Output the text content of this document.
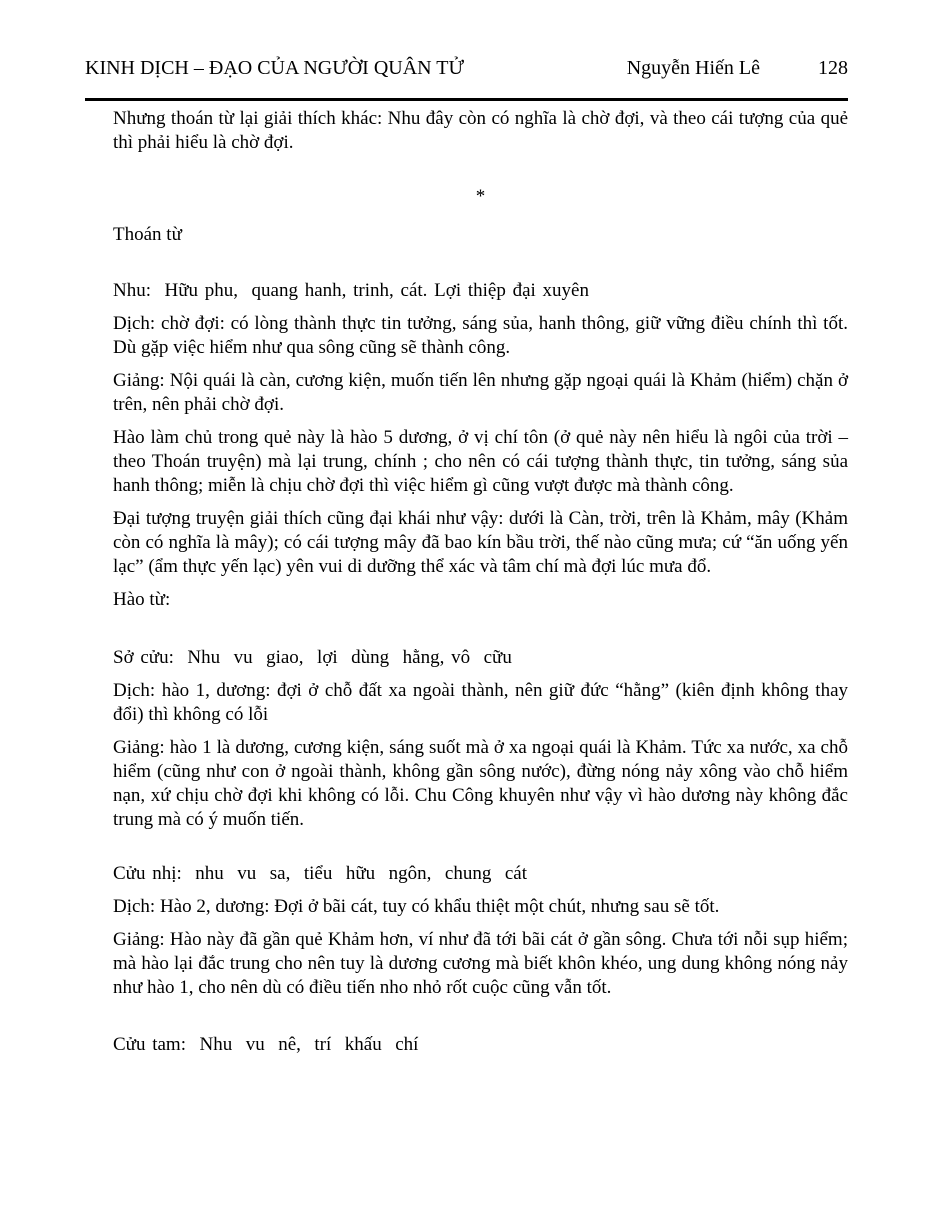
KINH DỊCH – ĐẠO CỦA NGƯỜI QUÂN TỬ	Nguyễn Hiến Lê	128

Nhưng thoán từ lại giải thích khác: Nhu đây còn có nghĩa là chờ đợi, và theo cái tượng của quẻ thì phải hiểu là chờ đợi.

*

Thoán từ

Nhu:  Hữu phu,  quang hanh, trinh, cát. Lợi thiệp đại xuyên

Dịch: chờ đợi: có lòng thành thực tin tưởng, sáng sủa, hanh thông, giữ vững điều chính thì tốt. Dù gặp việc hiểm như qua sông cũng sẽ thành công.

Giảng: Nội quái là càn, cương kiện, muốn tiến lên nhưng gặp ngoại quái là Khảm (hiểm) chặn ở trên, nên phải chờ đợi.

Hào làm chủ trong quẻ này là hào 5 dương, ở vị chí tôn (ở quẻ này nên hiểu là ngôi của trời – theo Thoán truyện) mà lại trung, chính ; cho nên có cái tượng thành thực, tin tưởng, sáng sủa hanh thông; miễn là chịu chờ đợi thì việc hiểm gì cũng vượt được mà thành công.

Đại tượng truyện giải thích cũng đại khái như vậy: dưới là Càn, trời, trên là Khảm, mây (Khảm còn có nghĩa là mây); có cái tượng mây đã bao kín bầu trời, thế nào cũng mưa; cứ “ăn uống yến lạc” (ẩm thực yến lạc) yên vui di dưỡng thể xác và tâm chí mà đợi lúc mưa đổ.

Hào từ:

Sở cửu:  Nhu  vu  giao,  lợi  dùng  hằng, vô  cữu

Dịch: hào 1, dương: đợi ở chỗ đất xa ngoài thành, nên giữ đức “hằng” (kiên định không thay đổi) thì không có lỗi

Giảng: hào 1 là dương, cương kiện, sáng suốt mà ở xa ngoại quái là Khảm. Tức xa nước, xa chỗ hiểm (cũng như con ở ngoài thành, không gần sông nước), đừng nóng nảy xông vào chỗ hiểm nạn, xứ chịu chờ đợi khi không có lỗi. Chu Công khuyên như vậy vì hào dương này không đắc trung mà có ý muốn tiến.

Cửu nhị:  nhu  vu  sa,  tiểu  hữu  ngôn,  chung  cát

Dịch: Hào 2, dương: Đợi ở bãi cát, tuy có khẩu thiệt một chút, nhưng sau sẽ tốt.

Giảng: Hào này đã gần quẻ Khảm hơn, ví như đã tới bãi cát ở gần sông. Chưa tới nỗi sụp hiểm; mà hào lại đắc trung cho nên tuy là dương cương mà biết khôn khéo, ung dung không nóng nảy như hào 1, cho nên dù có điều tiến nho nhỏ rốt cuộc cũng vẫn tốt.

Cửu tam:  Nhu  vu  nê,  trí  khấu  chí
